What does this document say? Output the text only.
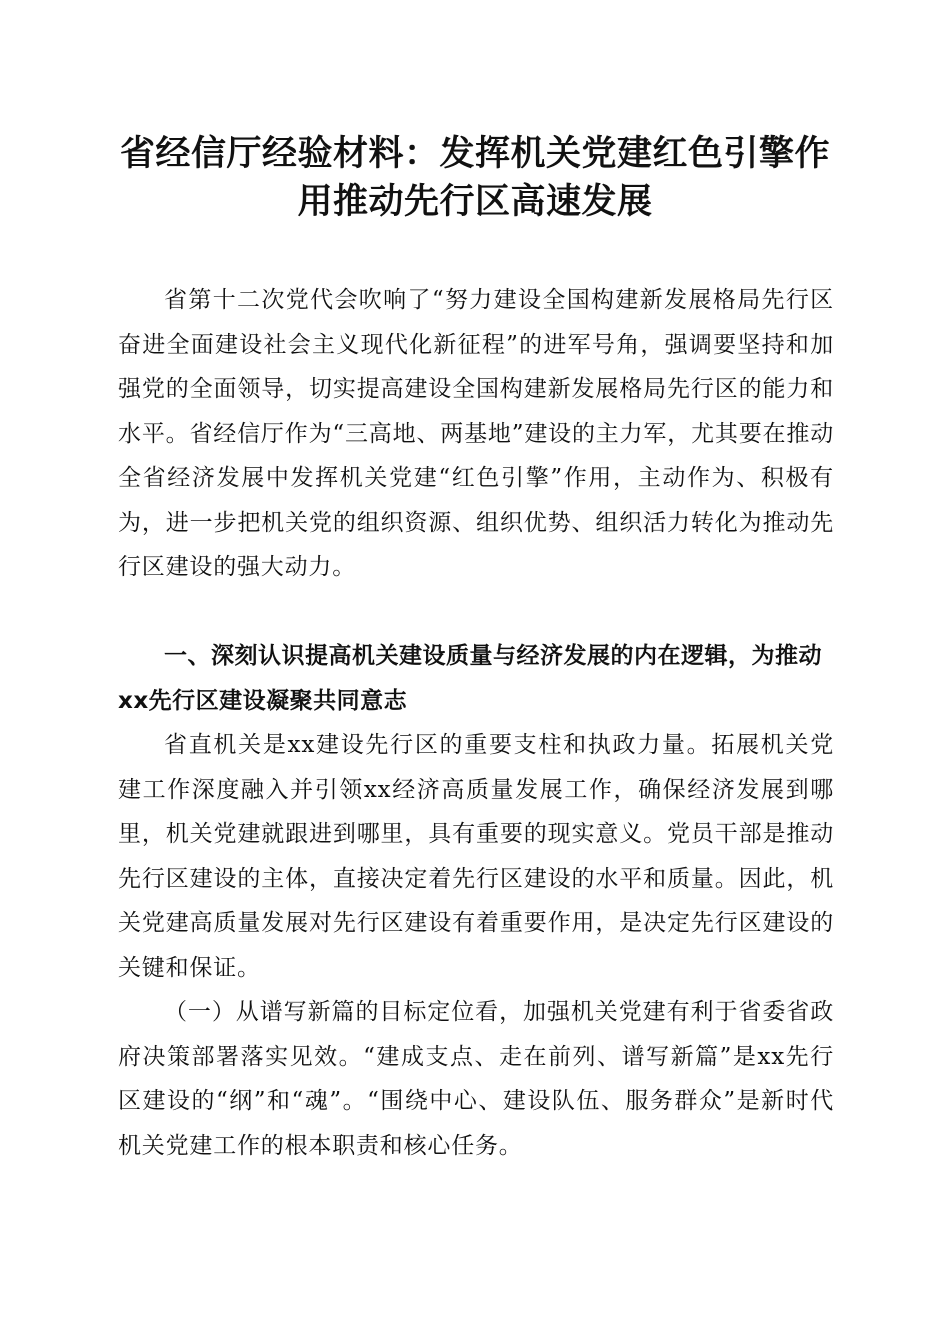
省经信厅经验材料：发挥机关党建红色引擎作用推动先行区高速发展

省第十二次党代会吹响了“努力建设全国构建新发展格局先行区奋进全面建设社会主义现代化新征程”的进军号角，强调要坚持和加强党的全面领导，切实提高建设全国构建新发展格局先行区的能力和水平。省经信厅作为“三高地、两基地”建设的主力军，尤其要在推动全省经济发展中发挥机关党建“红色引擎”作用，主动作为、积极有为，进一步把机关党的组织资源、组织优势、组织活力转化为推动先行区建设的强大动力。

一、深刻认识提高机关建设质量与经济发展的内在逻辑，为推动xx先行区建设凝聚共同意志

省直机关是xx建设先行区的重要支柱和执政力量。拓展机关党建工作深度融入并引领xx经济高质量发展工作，确保经济发展到哪里，机关党建就跟进到哪里，具有重要的现实意义。党员干部是推动先行区建设的主体，直接决定着先行区建设的水平和质量。因此，机关党建高质量发展对先行区建设有着重要作用，是决定先行区建设的关键和保证。

（一）从谱写新篇的目标定位看，加强机关党建有利于省委省政府决策部署落实见效。“建成支点、走在前列、谱写新篇”是xx先行区建设的“纲”和“魂”。“围绕中心、建设队伍、服务群众”是新时代机关党建工作的根本职责和核心任务。
